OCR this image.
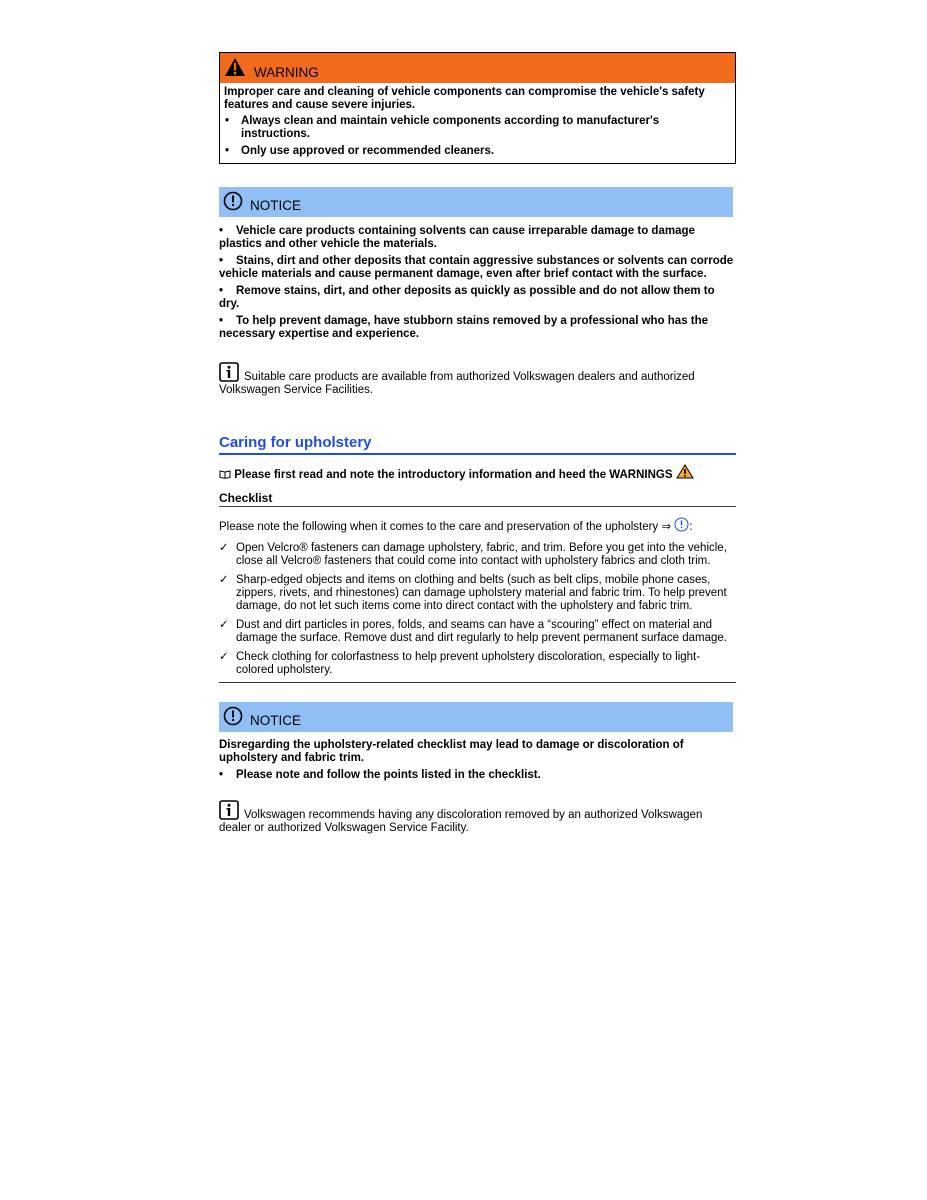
WARNING

Improper care and cleaning of vehicle components can compromise the vehicle's safety features and cause severe injuries.

• Always clean and maintain vehicle components according to manufacturer's instructions.
• Only use approved or recommended cleaners.
NOTICE

• Vehicle care products containing solvents can cause irreparable damage to damage plastics and other vehicle the materials.

• Stains, dirt and other deposits that contain aggressive substances or solvents can corrode vehicle materials and cause permanent damage, even after brief contact with the surface.

• Remove stains, dirt, and other deposits as quickly as possible and do not allow them to dry.

• To help prevent damage, have stubborn stains removed by a professional who has the necessary expertise and experience.

Suitable care products are available from authorized Volkswagen dealers and authorized Volkswagen Service Facilities.

Caring for upholstery
Please first read and note the introductory information and heed the WARNINGS
Checklist

Please note the following when it comes to the care and preservation of the upholstery ⇒ :

✓ Open Velcro® fasteners can damage upholstery, fabric, and trim. Before you get into the vehicle, close all Velcro® fasteners that could come into contact with upholstery fabrics and cloth trim.

✓ Sharp-edged objects and items on clothing and belts (such as belt clips, mobile phone cases, zippers, rivets, and rhinestones) can damage upholstery material and fabric trim. To help prevent damage, do not let such items come into direct contact with the upholstery and fabric trim.

✓ Dust and dirt particles in pores, folds, and seams can have a “scouring” effect on material and damage the surface. Remove dust and dirt regularly to help prevent permanent surface damage.

✓ Check clothing for colorfastness to help prevent upholstery discoloration, especially to light-colored upholstery.

NOTICE

Disregarding the upholstery-related checklist may lead to damage or discoloration of upholstery and fabric trim.

• Please note and follow the points listed in the checklist.

Volkswagen recommends having any discoloration removed by an authorized Volkswagen dealer or authorized Volkswagen Service Facility.
